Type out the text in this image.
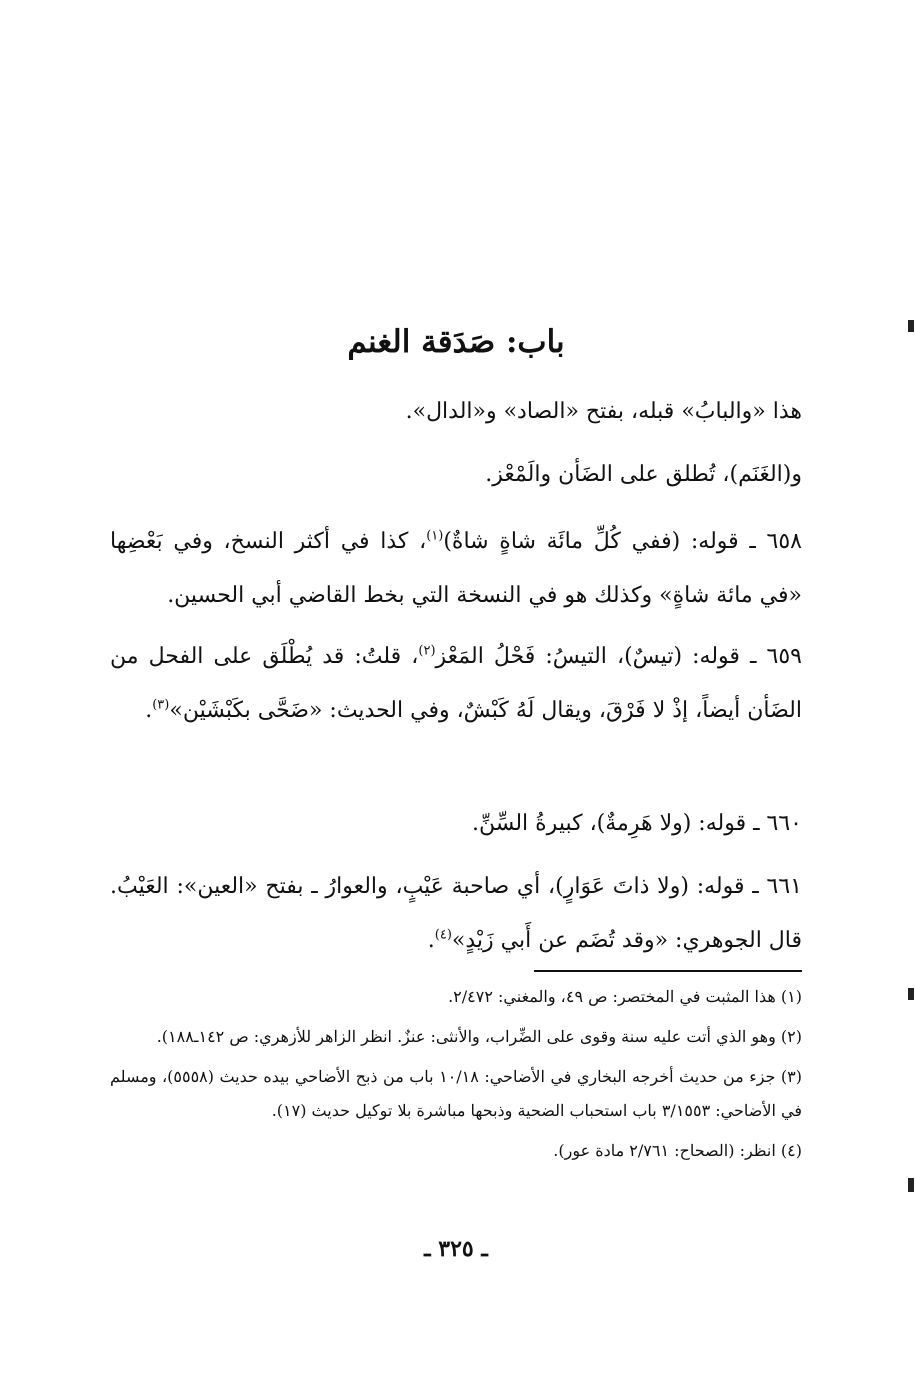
باب: صَدَقة الغنم

هذا «والبابُ» قبله، بفتح «الصاد» و«الدال».

و(الغَنَم)، تُطلق على الضَأن والَمْعْز.

٦٥٨ ـ قوله: (ففي كُلِّ مائَة شاةٍ شاةٌ)$^{(١)}$، كذا في أكثر النسخ، وفي بَعْضِها «في مائة شاةٍ» وكذلك هو في النسخة التي بخط القاضي أبي الحسين.

٦٥٩ ـ قوله: (تيسٌ)، التيسُ: فَحْلُ المَعْز$^{(٢)}$، قلتُ: قد يُطْلَق على الفحل من الضَأن أيضاً، إذْ لا فَرْقَ، ويقال لَهُ كَبْشٌ، وفي الحديث: «ضَحَّى بكَبْشَيْن»$^{(٣)}$.

٦٦٠ ـ قوله: (ولا هَرِمةٌ)، كبيرةُ السِّنِّ.

٦٦١ ـ قوله: (ولا ذاتَ عَوَارٍ)، أي صاحبة عَيْبٍ، والعوارُ ـ بفتح «العين»: العَيْبُ. قال الجوهري: «وقد تُضَم عن أَبي زَيْدٍ»$^{(٤)}$.

(١) هذا المثبت في المختصر: ص ٤٩، والمغني: ٢/٤٧٢.

(٢) وهو الذي أتت عليه سنة وقوى على الضِّراب، والأنثى: عنزٌ. انظر الزاهر للأزهري: ص ١٤٢ـ١٨٨).

(٣) جزء من حديث أخرجه البخاري في الأضاحي: ١٠/١٨ باب من ذبح الأضاحي بيده حديث (٥٥٥٨)، ومسلم في الأضاحي: ٣/١٥٥٣ باب استحباب الضحية وذبحها مباشرة بلا توكيل حديث (١٧).

(٤) انظر: (الصحاح: ٢/٧٦١ مادة عور).

ـ ٣٢٥ ـ
